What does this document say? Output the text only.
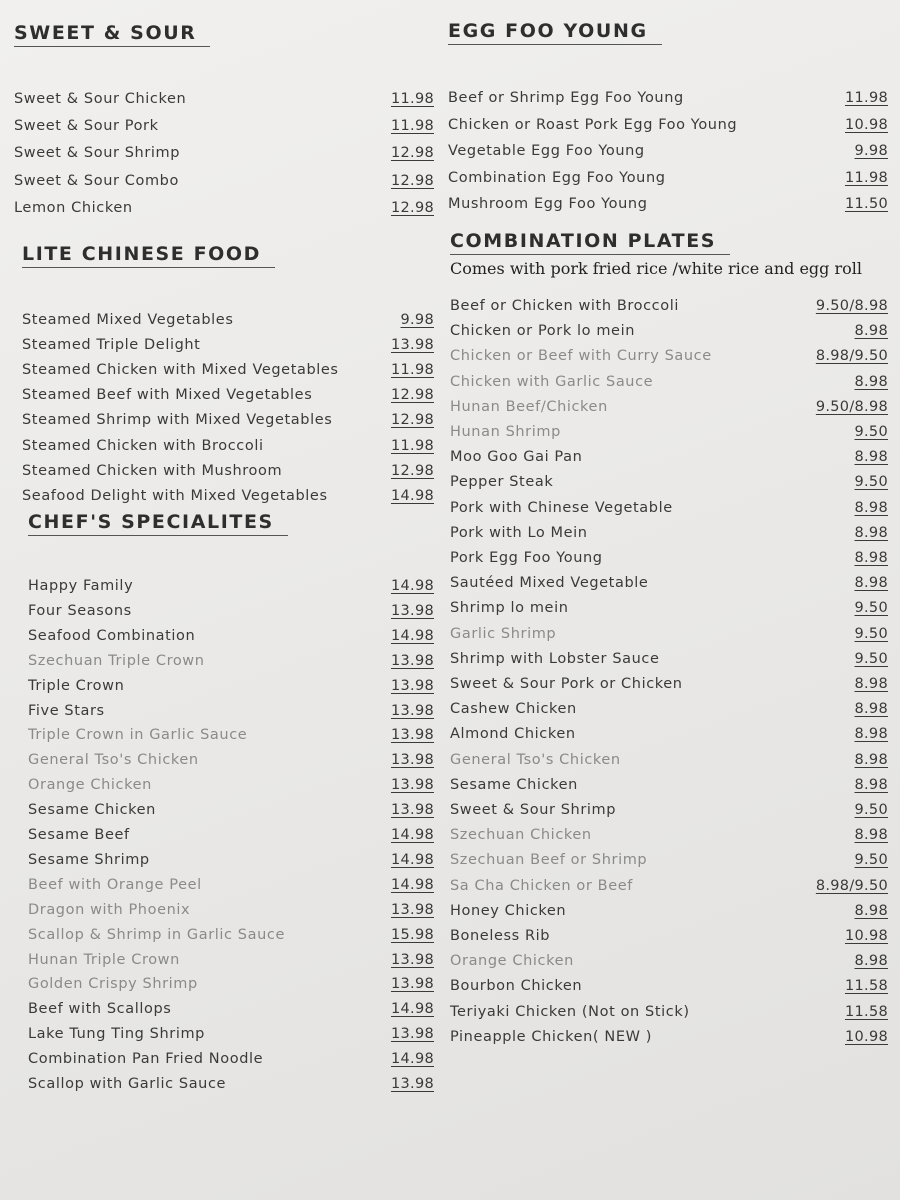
SWEET & SOUR
Sweet & Sour Chicken	11.98
Sweet & Sour Pork	11.98
Sweet & Sour Shrimp	12.98
Sweet & Sour Combo	12.98
Lemon Chicken	12.98
LITE CHINESE FOOD
Steamed Mixed Vegetables	9.98
Steamed Triple Delight	13.98
Steamed Chicken with Mixed Vegetables	11.98
Steamed Beef with Mixed Vegetables	12.98
Steamed Shrimp with Mixed Vegetables	12.98
Steamed Chicken with Broccoli	11.98
Steamed Chicken with Mushroom	12.98
Seafood Delight with Mixed Vegetables	14.98
CHEF'S SPECIALITES
Happy Family	14.98
Four Seasons	13.98
Seafood Combination	14.98
Szechuan Triple Crown	13.98
Triple Crown	13.98
Five Stars	13.98
Triple Crown in Garlic Sauce	13.98
General Tso's Chicken	13.98
Orange Chicken	13.98
Sesame Chicken	13.98
Sesame Beef	14.98
Sesame Shrimp	14.98
Beef with Orange Peel	14.98
Dragon with Phoenix	13.98
Scallop & Shrimp in Garlic Sauce	15.98
Hunan Triple Crown	13.98
Golden Crispy Shrimp	13.98
Beef with Scallops	14.98
Lake Tung Ting Shrimp	13.98
Combination Pan Fried Noodle	14.98
Scallop with Garlic Sauce	13.98
EGG FOO YOUNG
Beef or Shrimp Egg Foo Young	11.98
Chicken or Roast Pork Egg Foo Young	10.98
Vegetable Egg Foo Young	9.98
Combination Egg Foo Young	11.98
Mushroom Egg Foo Young	11.50
COMBINATION PLATES
Comes with pork fried rice /white rice and egg roll
Beef or Chicken with Broccoli	9.50/8.98
Chicken or Pork lo mein	8.98
Chicken or Beef with Curry Sauce	8.98/9.50
Chicken with Garlic Sauce	8.98
Hunan Beef/Chicken	9.50/8.98
Hunan Shrimp	9.50
Moo Goo Gai Pan	8.98
Pepper Steak	9.50
Pork with Chinese Vegetable	8.98
Pork with Lo Mein	8.98
Pork Egg Foo Young	8.98
Sautéed Mixed Vegetable	8.98
Shrimp lo mein	9.50
Garlic Shrimp	9.50
Shrimp with Lobster Sauce	9.50
Sweet & Sour Pork or Chicken	8.98
Cashew Chicken	8.98
Almond Chicken	8.98
General Tso's Chicken	8.98
Sesame Chicken	8.98
Sweet & Sour Shrimp	9.50
Szechuan Chicken	8.98
Szechuan Beef or Shrimp	9.50
Sa Cha Chicken or Beef	8.98/9.50
Honey Chicken	8.98
Boneless Rib	10.98
Orange Chicken	8.98
Bourbon Chicken	11.58
Teriyaki Chicken (Not on Stick)	11.58
Pineapple Chicken( NEW )	10.98
